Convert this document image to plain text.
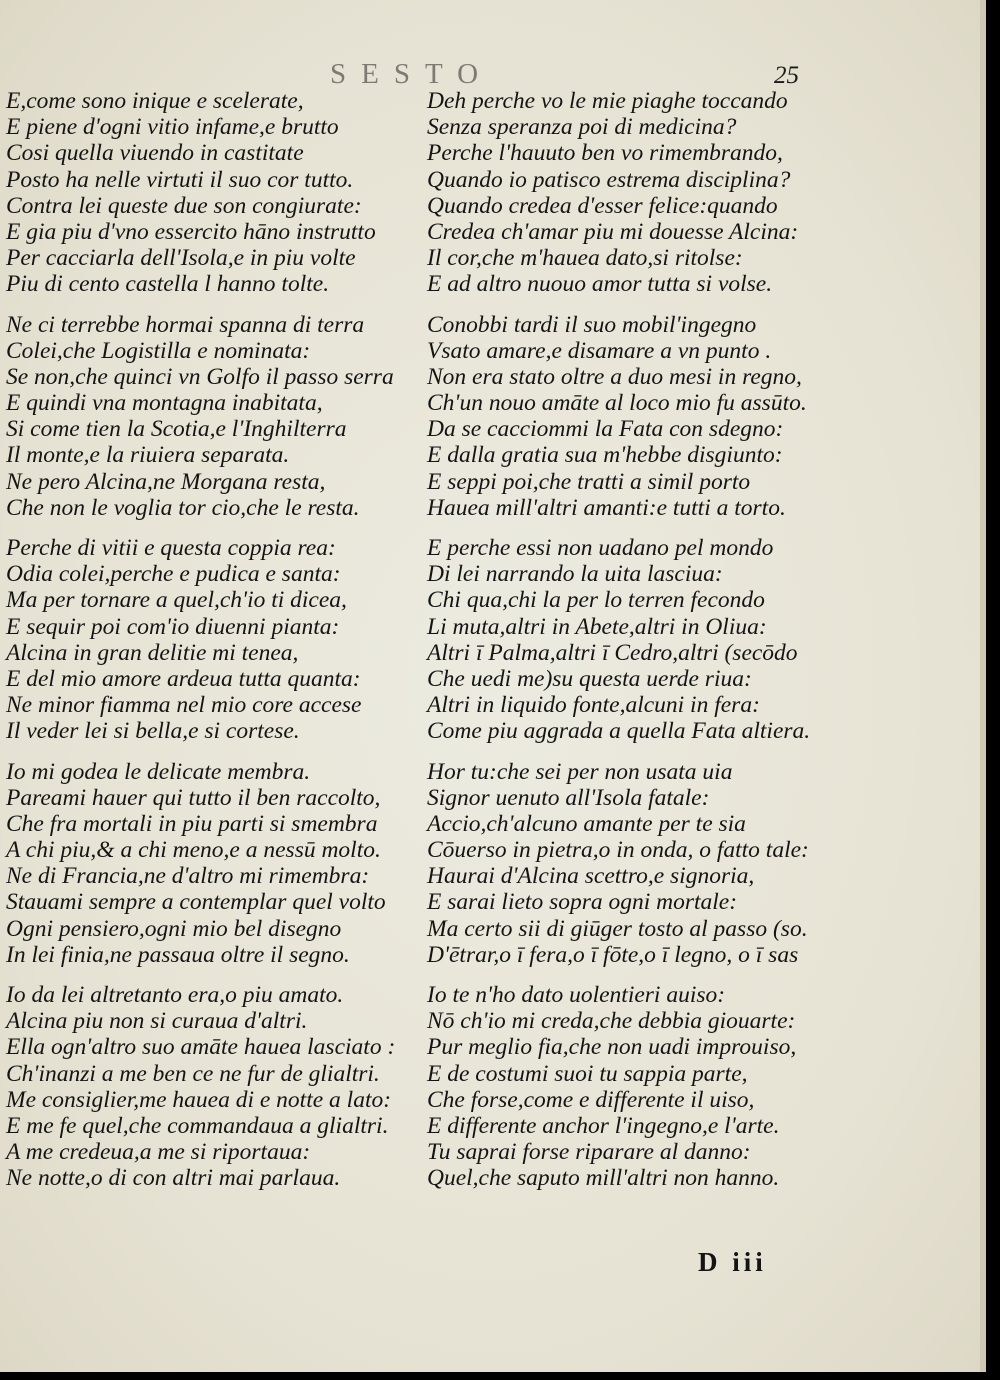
SESTO	25
E,come sono inique e scelerate,
E piene d'ogni vitio infame,e brutto
Cosi quella viuendo in castitate
Posto ha nelle virtuti il suo cor tutto.
Contra lei queste due son congiurate:
E gia piu d'vno essercito hāno instrutto
Per cacciarla dell'Isola,e in piu volte
Piu di cento castella l hanno tolte.
Ne ci terrebbe hormai spanna di terra
Colei,che Logistilla e nominata:
Se non,che quinci vn Golfo il passo serra
E quindi vna montagna inabitata,
Si come tien la Scotia,e l'Inghilterra
Il monte,e la riuiera separata.
Ne pero Alcina,ne Morgana resta,
Che non le voglia tor cio,che le resta.
Perche di vitii e questa coppia rea:
Odia colei,perche e pudica e santa:
Ma per tornare a quel,ch'io ti dicea,
E sequir poi com'io diuenni pianta:
Alcina in gran delitie mi tenea,
E del mio amore ardeua tutta quanta:
Ne minor fiamma nel mio core accese
Il veder lei si bella,e si cortese.
Io mi godea le delicate membra.
Pareami hauer qui tutto il ben raccolto,
Che fra mortali in piu parti si smembra
A chi piu,& a chi meno,e a nessū molto.
Ne di Francia,ne d'altro mi rimembra:
Stauami sempre a contemplar quel volto
Ogni pensiero,ogni mio bel disegno
In lei finia,ne passaua oltre il segno.
Io da lei altretanto era,o piu amato.
Alcina piu non si curaua d'altri.
Ella ogn'altro suo amāte hauea lasciato :
Ch'inanzi a me ben ce ne fur de glialtri.
Me consiglier,me hauea di e notte a lato:
E me fe quel,che commandaua a glialtri.
A me credeua,a me si riportaua:
Ne notte,o di con altri mai parlaua.
Deh perche vo le mie piaghe toccando
Senza speranza poi di medicina?
Perche l'hauuto ben vo rimembrando,
Quando io patisco estrema disciplina?
Quando credea d'esser felice:quando
Credea ch'amar piu mi douesse Alcina:
Il cor,che m'hauea dato,si ritolse:
E ad altro nuouo amor tutta si volse.
Conobbi tardi il suo mobil'ingegno
Vsato amare,e disamare a vn punto .
Non era stato oltre a duo mesi in regno,
Ch'un nouo amāte al loco mio fu assūto.
Da se cacciommi la Fata con sdegno:
E dalla gratia sua m'hebbe disgiunto:
E seppi poi,che tratti a simil porto
Hauea mill'altri amanti:e tutti a torto.
E perche essi non uadano pel mondo
Di lei narrando la uita lasciua:
Chi qua,chi la per lo terren fecondo
Li muta,altri in Abete,altri in Oliua:
Altri ī Palma,altri ī Cedro,altri (secōdo
Che uedi me)su questa uerde riua:
Altri in liquido fonte,alcuni in fera:
Come piu aggrada a quella Fata altiera.
Hor tu:che sei per non usata uia
Signor uenuto all'Isola fatale:
Accio,ch'alcuno amante per te sia
Cōuerso in pietra,o in onda, o fatto tale:
Haurai d'Alcina scettro,e signoria,
E sarai lieto sopra ogni mortale:
Ma certo sii di giūger tosto al passo (so.
D'ētrar,o ī fera,o ī fōte,o ī legno, o ī sas
Io te n'ho dato uolentieri auiso:
Nō ch'io mi creda,che debbia giouarte:
Pur meglio fia,che non uadi improuiso,
E de costumi suoi tu sappia parte,
Che forse,come e differente il uiso,
E differente anchor l'ingegno,e l'arte.
Tu saprai forse riparare al danno:
Quel,che saputo mill'altri non hanno.
D iii
